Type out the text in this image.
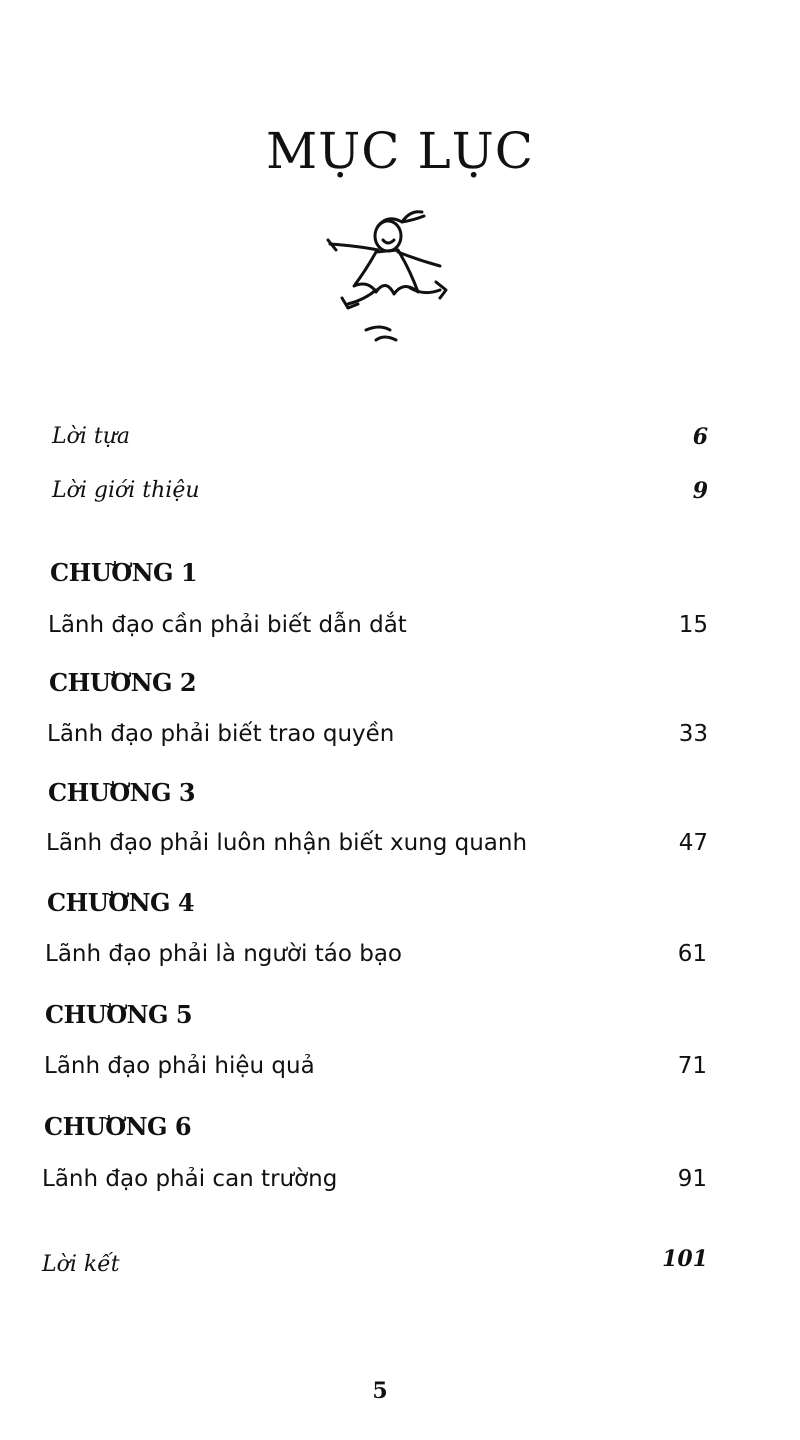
MỤC LỤC
Lời tựa	6
Lời giới thiệu	9
CHƯƠNG 1
Lãnh đạo cần phải biết dẫn dắt	15
CHƯƠNG 2
Lãnh đạo phải biết trao quyền	33
CHƯƠNG 3
Lãnh đạo phải luôn nhận biết xung quanh	47
CHƯƠNG 4
Lãnh đạo phải là người táo bạo	61
CHƯƠNG 5
Lãnh đạo phải hiệu quả	71
CHƯƠNG 6
Lãnh đạo phải can trường	91
Lời kết	101
5
